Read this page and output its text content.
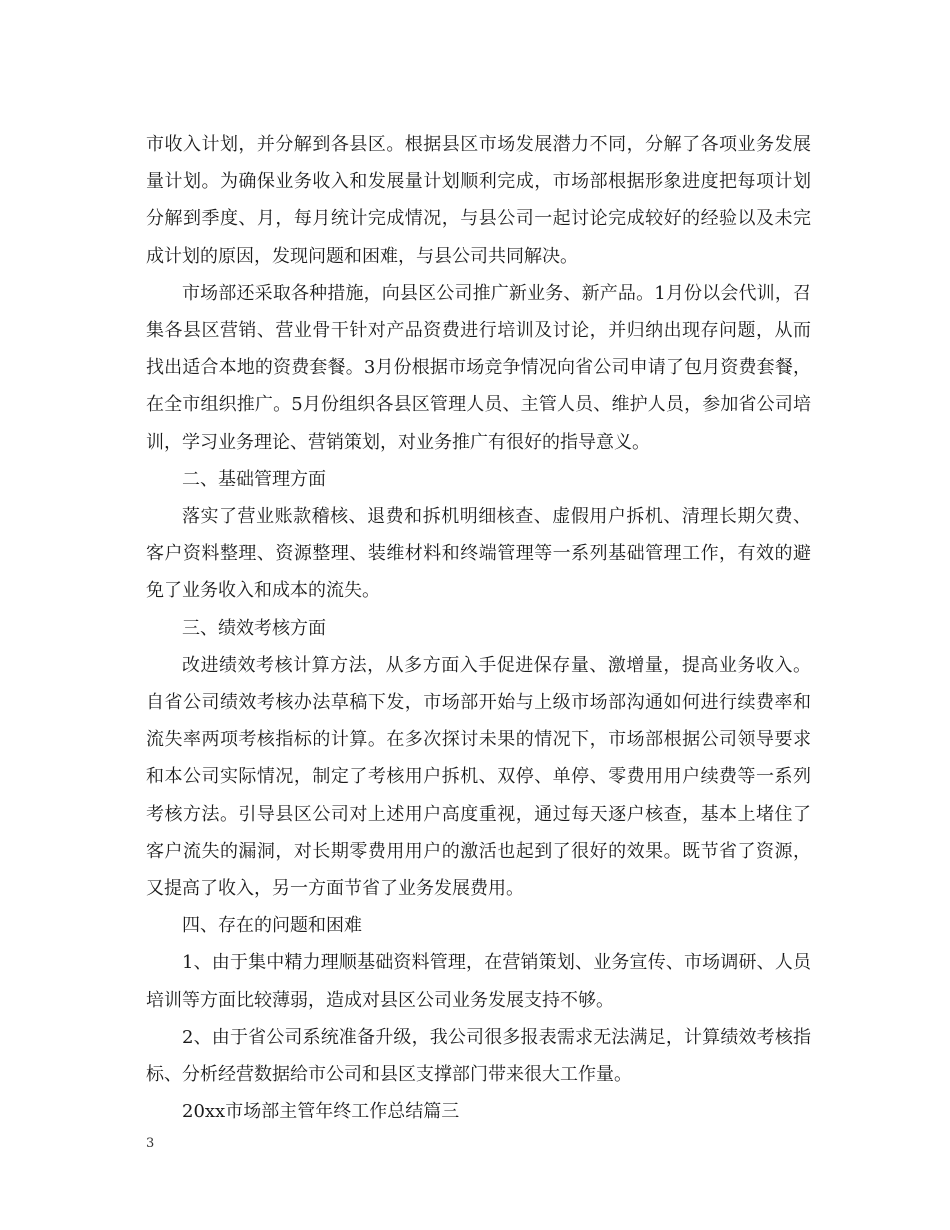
市收入计划，并分解到各县区。根据县区市场发展潜力不同，分解了各项业务发展量计划。为确保业务收入和发展量计划顺利完成，市场部根据形象进度把每项计划分解到季度、月，每月统计完成情况，与县公司一起讨论完成较好的经验以及未完成计划的原因，发现问题和困难，与县公司共同解决。

市场部还采取各种措施，向县区公司推广新业务、新产品。1月份以会代训，召集各县区营销、营业骨干针对产品资费进行培训及讨论，并归纳出现存问题，从而找出适合本地的资费套餐。3月份根据市场竞争情况向省公司申请了包月资费套餐，在全市组织推广。5月份组织各县区管理人员、主管人员、维护人员，参加省公司培训，学习业务理论、营销策划，对业务推广有很好的指导意义。

二、基础管理方面

落实了营业账款稽核、退费和拆机明细核查、虚假用户拆机、清理长期欠费、客户资料整理、资源整理、装维材料和终端管理等一系列基础管理工作，有效的避免了业务收入和成本的流失。

三、绩效考核方面

改进绩效考核计算方法，从多方面入手促进保存量、激增量，提高业务收入。自省公司绩效考核办法草稿下发，市场部开始与上级市场部沟通如何进行续费率和流失率两项考核指标的计算。在多次探讨未果的情况下，市场部根据公司领导要求和本公司实际情况，制定了考核用户拆机、双停、单停、零费用用户续费等一系列考核方法。引导县区公司对上述用户高度重视，通过每天逐户核查，基本上堵住了客户流失的漏洞，对长期零费用用户的激活也起到了很好的效果。既节省了资源，又提高了收入，另一方面节省了业务发展费用。

四、存在的问题和困难

1、由于集中精力理顺基础资料管理，在营销策划、业务宣传、市场调研、人员培训等方面比较薄弱，造成对县区公司业务发展支持不够。

2、由于省公司系统准备升级，我公司很多报表需求无法满足，计算绩效考核指标、分析经营数据给市公司和县区支撑部门带来很大工作量。

20xx市场部主管年终工作总结篇三

3
